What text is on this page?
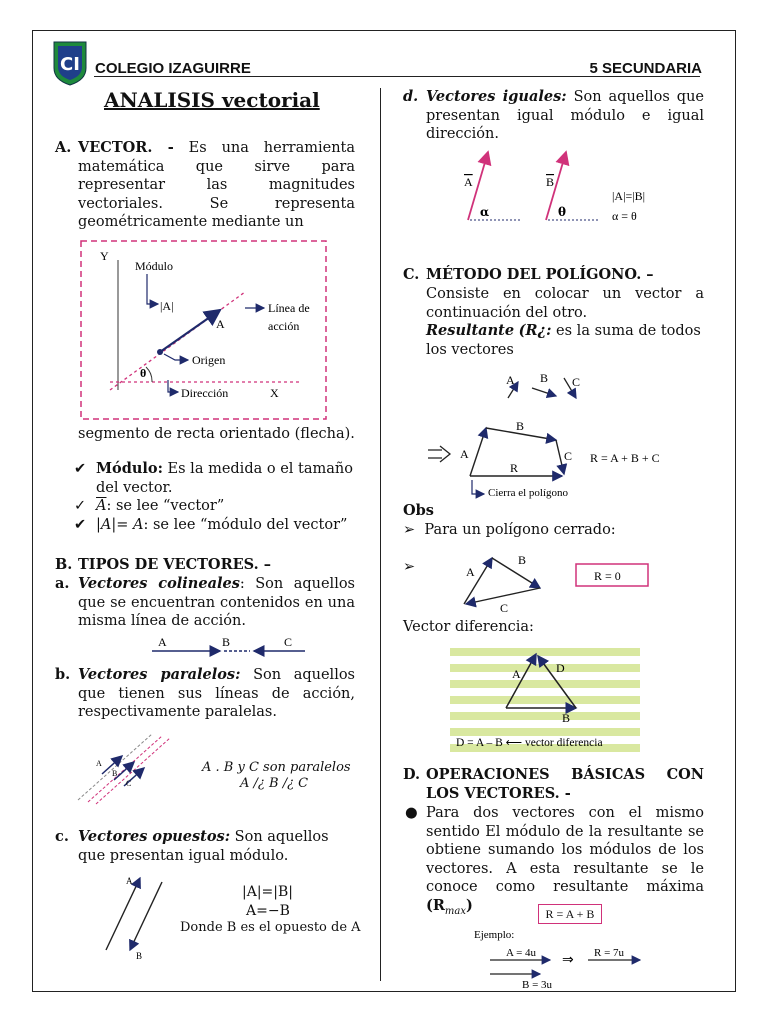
CI COLEGIO IZAGUIRRE	5 SECUNDARIA
ANALISIS vectorial
A. VECTOR. - Es una herramienta matemática que sirve para representar las magnitudes vectoriales. Se representa geométricamente mediante un
Y
X
Módulo
|A|	Línea de
acción
A
Origen
θ
Dirección
segmento de recta orientado (flecha).
✔ Módulo: Es la medida o el tamaño del vector.
✓ $\overline{A}$: se lee “vector”
✔ |A|= A: se lee “módulo del vector”
B. TIPOS DE VECTORES. –
a. Vectores colineales: Son aquellos que se encuentran contenidos en una misma línea de acción.
A	B	C
b. Vectores paralelos: Son aquellos que tienen sus líneas de acción, respectivamente paralelas.
A
B
C
A . B y C son paralelos
A /¿ B /¿ C
c. Vectores opuestos: Son aquellos que presentan igual módulo.
A
B
|A|=|B|
A=−B
Donde B es el opuesto de A
d. Vectores iguales: Son aquellos que presentan igual módulo e igual dirección.
A	B
α	θ
|A|=|B|
α = θ
C. MÉTODO DEL POLÍGONO. –
Consiste en colocar un vector a continuación del otro.
Resultante (R¿: es la suma de todos los vectores
A B C
A
B
C
R
R = A + B + C
Cierra el polígono
Obs
➢  Para un polígono cerrado:
➢	A
B
C
R = 0
Vector diferencia:
A	D
B
D = A – B ⟵ vector diferencia
D. OPERACIONES BÁSICAS CON LOS VECTORES. -
● Para dos vectores con el mismo sentido El módulo de la resultante se obtiene sumando los módulos de los vectores. A esta resultante se le conoce como resultante máxima $(R_{max})$
R = A + B
Ejemplo:
A = 4u ⇒ R = 7u
B = 3u
